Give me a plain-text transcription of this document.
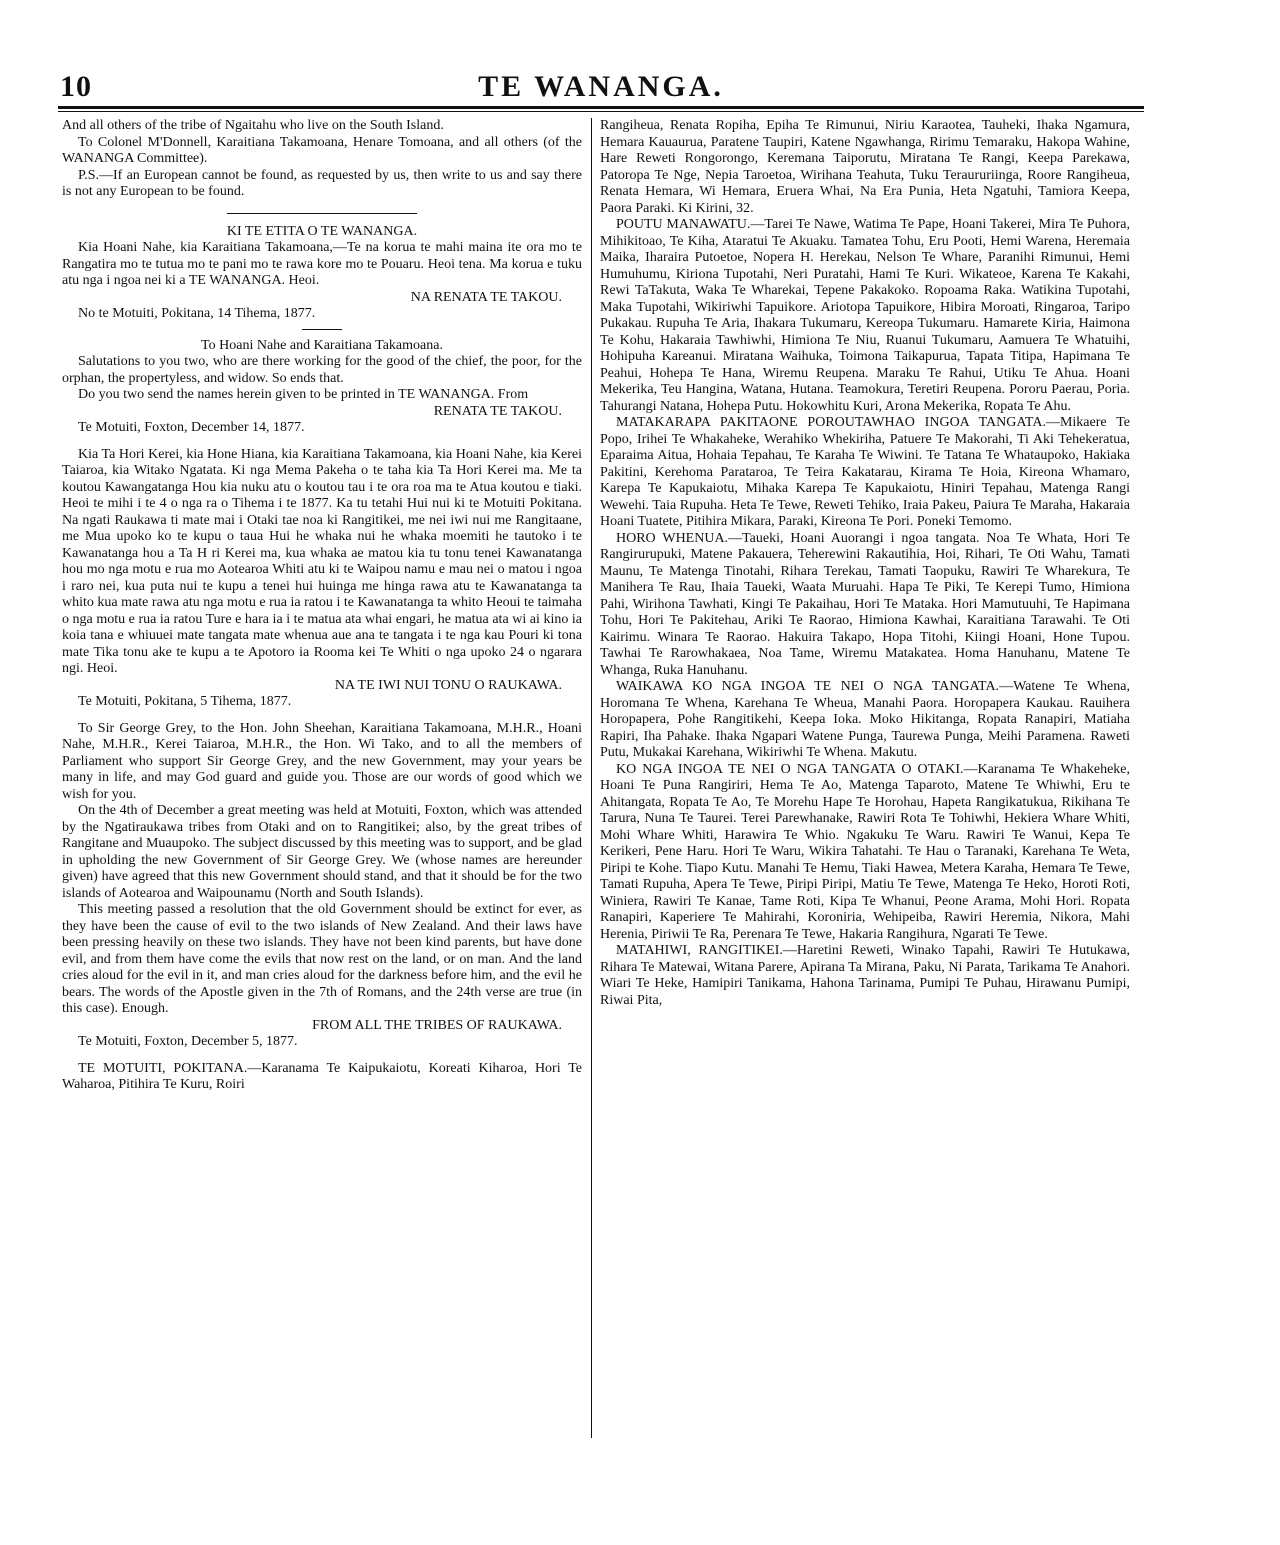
10	TE WANANGA.

And all others of the tribe of Ngaitahu who live on the South Island.

To Colonel M'Donnell, Karaitiana Takamoana, Henare Tomoana, and all others (of the WANANGA Committee).

P.S.—If an European cannot be found, as requested by us, then write to us and say there is not any European to be found.

KI TE ETITA O TE WANANGA.

Kia Hoani Nahe, kia Karaitiana Takamoana,—Te na korua te mahi maina ite ora mo te Rangatira mo te tutua mo te pani mo te rawa kore mo te Pouaru. Heoi tena. Ma korua e tuku atu nga i ngoa nei ki a TE WANANGA. Heoi.

NA RENATA TE TAKOU.

No te Motuiti, Pokitana, 14 Tihema, 1877.

To Hoani Nahe and Karaitiana Takamoana.

Salutations to you two, who are there working for the good of the chief, the poor, for the orphan, the propertyless, and widow. So ends that.

Do you two send the names herein given to be printed in TE WANANGA. From

RENATA TE TAKOU.

Te Motuiti, Foxton, December 14, 1877.

Kia Ta Hori Kerei, kia Hone Hiana, kia Karaitiana Takamoana, kia Hoani Nahe, kia Kerei Taiaroa, kia Witako Ngatata. Ki nga Mema Pakeha o te taha kia Ta Hori Kerei ma. Me ta koutou Kawangatanga Hou kia nuku atu o koutou tau i te ora roa ma te Atua koutou e tiaki. Heoi te mihi i te 4 o nga ra o Tihema i te 1877. Ka tu tetahi Hui nui ki te Motuiti Pokitana. Na ngati Raukawa ti mate mai i Otaki tae noa ki Rangitikei, me nei iwi nui me Rangitaane, me Mua upoko ko te kupu o taua Hui he whaka nui he whaka moemiti he tautoko i te Kawanatanga hou a Ta H ri Kerei ma, kua whaka ae matou kia tu tonu tenei Kawanatanga hou mo nga motu e rua mo Aotearoa Whiti atu ki te Waipou namu e mau nei o matou i ngoa i raro nei, kua puta nui te kupu a tenei hui huinga me hinga rawa atu te Kawanatanga ta whito kua mate rawa atu nga motu e rua ia ratou i te Kawanatanga ta whito Heoui te taimaha o nga motu e rua ia ratou Ture e hara ia i te matua ata whai engari, he matua ata wi ai kino ia koia tana e whiuuei mate tangata mate whenua aue ana te tangata i te nga kau Pouri ki tona mate Tika tonu ake te kupu a te Apotoro ia Rooma kei Te Whiti o nga upoko 24 o ngarara ngi. Heoi.

NA TE IWI NUI TONU O RAUKAWA.

Te Motuiti, Pokitana, 5 Tihema, 1877.

To Sir George Grey, to the Hon. John Sheehan, Karaitiana Takamoana, M.H.R., Hoani Nahe, M.H.R., Kerei Taiaroa, M.H.R., the Hon. Wi Tako, and to all the members of Parliament who support Sir George Grey, and the new Government, may your years be many in life, and may God guard and guide you. Those are our words of good which we wish for you.

On the 4th of December a great meeting was held at Motuiti, Foxton, which was attended by the Ngatiraukawa tribes from Otaki and on to Rangitikei; also, by the great tribes of Rangitane and Muaupoko. The subject discussed by this meeting was to support, and be glad in upholding the new Government of Sir George Grey. We (whose names are hereunder given) have agreed that this new Government should stand, and that it should be for the two islands of Aotearoa and Waipounamu (North and South Islands).

This meeting passed a resolution that the old Government should be extinct for ever, as they have been the cause of evil to the two islands of New Zealand. And their laws have been pressing heavily on these two islands. They have not been kind parents, but have done evil, and from them have come the evils that now rest on the land, or on man. And the land cries aloud for the evil in it, and man cries aloud for the darkness before him, and the evil he bears. The words of the Apostle given in the 7th of Romans, and the 24th verse are true (in this case). Enough.

FROM ALL THE TRIBES OF RAUKAWA.

Te Motuiti, Foxton, December 5, 1877.

TE MOTUITI, POKITANA.—Karanama Te Kaipukaiotu, Koreati Kiharoa, Hori Te Waharoa, Pitihira Te Kuru, Roiri

Rangiheua, Renata Ropiha, Epiha Te Rimunui, Niriu Karaotea, Tauheki, Ihaka Ngamura, Hemara Kauaurua, Paratene Taupiri, Katene Ngawhanga, Ririmu Temaraku, Hakopa Wahine, Hare Reweti Rongorongo, Keremana Taiporutu, Miratana Te Rangi, Keepa Parekawa, Patoropa Te Nge, Nepia Taroetoa, Wirihana Teahuta, Tuku Teraururiinga, Roore Rangiheua, Renata Hemara, Wi Hemara, Eruera Whai, Na Era Punia, Heta Ngatuhi, Tamiora Keepa, Paora Paraki. Ki Kirini, 32.

POUTU MANAWATU.—Tarei Te Nawe, Watima Te Pape, Hoani Takerei, Mira Te Puhora, Mihikitoao, Te Kiha, Ataratui Te Akuaku. Tamatea Tohu, Eru Pooti, Hemi Warena, Heremaia Maika, Iharaira Putoetoe, Nopera H. Herekau, Nelson Te Whare, Paranihi Rimunui, Hemi Humuhumu, Kiriona Tupotahi, Neri Puratahi, Hami Te Kuri. Wikateoe, Karena Te Kakahi, Rewi TaTakuta, Waka Te Wharekai, Tepene Pakakoko. Ropoama Raka. Watikina Tupotahi, Maka Tupotahi, Wikiriwhi Tapuikore. Ariotopa Tapuikore, Hibira Moroati, Ringaroa, Taripo Pukakau. Rupuha Te Aria, Ihakara Tukumaru, Kereopa Tukumaru. Hamarete Kiria, Haimona Te Kohu, Hakaraia Tawhiwhi, Himiona Te Niu, Ruanui Tukumaru, Aamuera Te Whatuihi, Hohipuha Kareanui. Miratana Waihuka, Toimona Taikapurua, Tapata Titipa, Hapimana Te Peahui, Hohepa Te Hana, Wiremu Reupena. Maraku Te Rahui, Utiku Te Ahua. Hoani Mekerika, Teu Hangina, Watana, Hutana. Teamokura, Teretiri Reupena. Pororu Paerau, Poria. Tahurangi Natana, Hohepa Putu. Hokowhitu Kuri, Arona Mekerika, Ropata Te Ahu.

MATAKARAPA PAKITAONE POROUTAWHAO INGOA TANGATA.—Mikaere Te Popo, Irihei Te Whakaheke, Werahiko Whekiriha, Patuere Te Makorahi, Ti Aki Tehekeratua, Eparaima Aitua, Hohaia Tepahau, Te Karaha Te Wiwini. Te Tatana Te Whataupoko, Hakiaka Pakitini, Kerehoma Paratarоa, Te Teira Kakatarau, Kirama Te Hoia, Kireona Whamaro, Karepa Te Kapukaiotu, Mihaka Karepa Te Kapukaiotu, Hiniri Tepahau, Matenga Rangi Wewehi. Taia Rupuha. Heta Te Tewe, Reweti Tehiko, Iraia Pakeu, Paiura Te Maraha, Hakaraia Hoani Tuatete, Pitihira Mikara, Paraki, Kireona Te Pori. Poneki Temomo.

HORO WHENUA.—Taueki, Hoani Auorangi i ngoa tangata. Noa Te Whata, Hori Te Rangirurupuki, Matene Pakauera, Teherewini Rakautihia, Hoi, Rihari, Te Oti Wahu, Tamati Maunu, Te Matenga Tinotahi, Rihara Terekau, Tamati Taopuku, Rawiri Te Wharekura, Te Manihera Te Rau, Ihaia Taueki, Waata Muruahi. Hapa Te Piki, Te Kerepi Tumo, Himiona Pahi, Wirihona Tawhati, Kingi Te Pakaihau, Hori Te Mataka. Hori Mamutuuhi, Te Hapimana Tohu, Hori Te Pakitehau, Ariki Te Raorao, Himiona Kawhai, Karaitiana Tarawahi. Te Oti Kairimu. Winara Te Raorao. Hakuira Takapo, Hopa Titohi, Kiingi Hoani, Hone Tupou. Tawhai Te Rarowhakaea, Noa Tame, Wiremu Matakatea. Homa Hanuhanu, Matene Te Whanga, Ruka Hanuhanu.

WAIKAWA KO NGA INGOA TE NEI O NGA TANGATA.—Watene Te Whena, Horomana Te Whena, Karehana Te Wheua, Manahi Paora. Horopapera Kaukau. Rauihera Horopapera, Pohe Rangitikehi, Keepa Ioka. Moko Hikitanga, Ropata Ranapiri, Matiaha Rapiri, Iha Pahake. Ihaka Ngapari Watene Punga, Taurewa Punga, Meihi Paramena. Raweti Putu, Mukakai Karehana, Wikiriwhi Te Whena. Makutu.

KO NGA INGOA TE NEI O NGA TANGATA O OTAKI.—Karanama Te Whakeheke, Hoani Te Puna Rangiriri, Hema Te Ao, Matenga Taparoto, Matene Te Whiwhi, Eru te Ahitangata, Ropata Te Ao, Te Morehu Hape Te Horohau, Hapeta Rangikatukua, Rikihana Te Tarura, Nuna Te Taurei. Terei Parewhanake, Rawiri Rota Te Tohiwhi, Hekiera Whare Whiti, Mohi Whare Whiti, Harawira Te Whio. Ngakuku Te Waru. Rawiri Te Wanui, Kepa Te Kerikeri, Pene Haru. Hori Te Waru, Wikira Tahatahi. Te Hau o Taranaki, Karehana Te Weta, Piripi te Kohe. Tiapo Kutu. Manahi Te Hemu, Tiaki Hawea, Metera Karaha, Hemara Te Tewe, Tamati Rupuha, Apera Te Tewe, Piripi Piripi, Matiu Te Tewe, Matenga Te Heko, Horoti Roti, Winiera, Rawiri Te Kanae, Tame Roti, Kipa Te Whanui, Peone Arama, Mohi Hori. Ropata Ranapiri, Kaperiere Te Mahirahi, Koroniria, Wehipeiba, Rawiri Heremia, Nikora, Mahi Herenia, Piriwii Te Ra, Perenara Te Tewe, Hakaria Rangihura, Ngarati Te Tewe.

MATAHIWI, RANGITIKEI.—Haretini Reweti, Winako Tapahi, Rawiri Te Hutukawa, Rihara Te Matewai, Witana Parere, Apirana Ta Mirana, Paku, Ni Parata, Tarikama Te Anahori. Wiari Te Heke, Hamipiri Tanikama, Hahona Tarinama, Pumipi Te Puhau, Hirawanu Pumipi, Riwai Pita,
